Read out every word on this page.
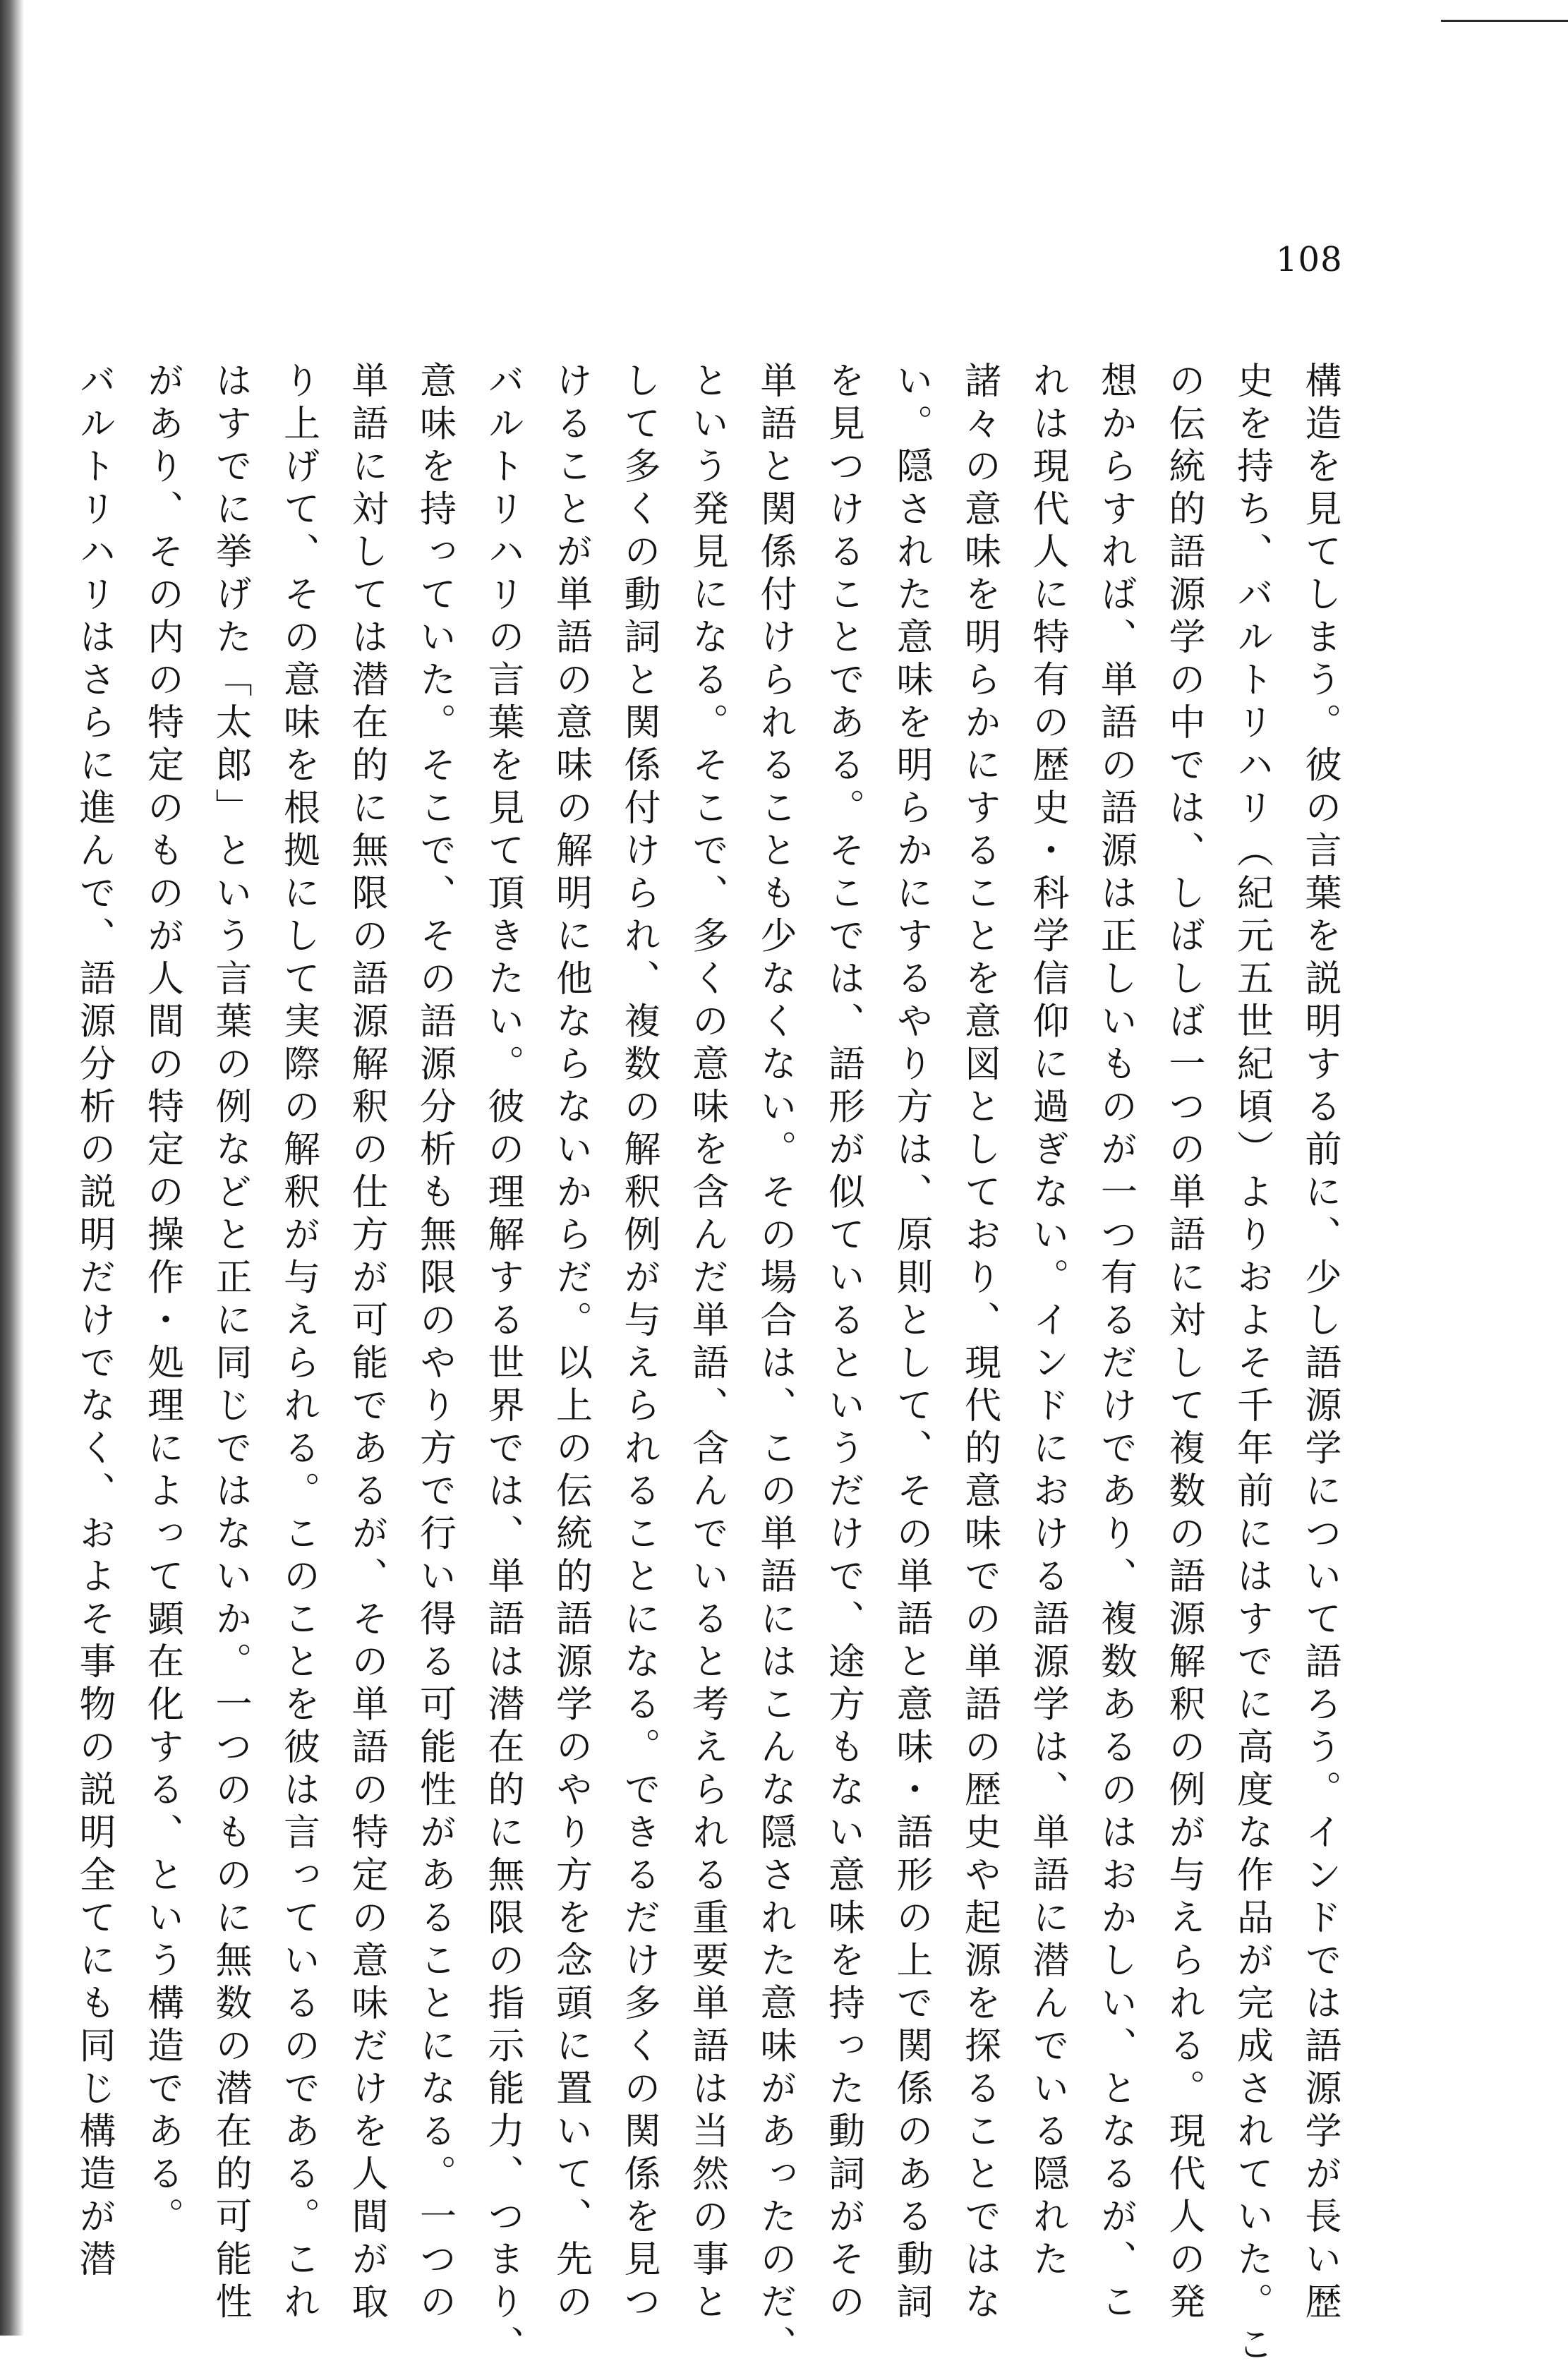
108

構造を見てしまう。彼の言葉を説明する前に、少し語源学について語ろう。インドでは語源学が長い歴

史を持ち、バルトリハリ（紀元五世紀頃）よりおよそ千年前にはすでに高度な作品が完成されていた。こ

の伝統的語源学の中では、しばしば一つの単語に対して複数の語源解釈の例が与えられる。現代人の発

想からすれば、単語の語源は正しいものが一つ有るだけであり、複数あるのはおかしい、となるが、こ

れは現代人に特有の歴史・科学信仰に過ぎない。インドにおける語源学は、単語に潜んでいる隠れた

諸々の意味を明らかにすることを意図としており、現代的意味での単語の歴史や起源を探ることではな

い。隠された意味を明らかにするやり方は、原則として、その単語と意味・語形の上で関係のある動詞

を見つけることである。そこでは、語形が似ているというだけで、途方もない意味を持った動詞がその

単語と関係付けられることも少なくない。その場合は、この単語にはこんな隠された意味があったのだ、

という発見になる。そこで、多くの意味を含んだ単語、含んでいると考えられる重要単語は当然の事と

して多くの動詞と関係付けられ、複数の解釈例が与えられることになる。できるだけ多くの関係を見つ

けることが単語の意味の解明に他ならないからだ。以上の伝統的語源学のやり方を念頭に置いて、先の

バルトリハリの言葉を見て頂きたい。彼の理解する世界では、単語は潜在的に無限の指示能力、つまり、

意味を持っていた。そこで、その語源分析も無限のやり方で行い得る可能性があることになる。一つの

単語に対しては潜在的に無限の語源解釈の仕方が可能であるが、その単語の特定の意味だけを人間が取

り上げて、その意味を根拠にして実際の解釈が与えられる。このことを彼は言っているのである。これ

はすでに挙げた「太郎」という言葉の例などと正に同じではないか。一つのものに無数の潜在的可能性

があり、その内の特定のものが人間の特定の操作・処理によって顕在化する、という構造である。

バルトリハリはさらに進んで、語源分析の説明だけでなく、およそ事物の説明全てにも同じ構造が潜
